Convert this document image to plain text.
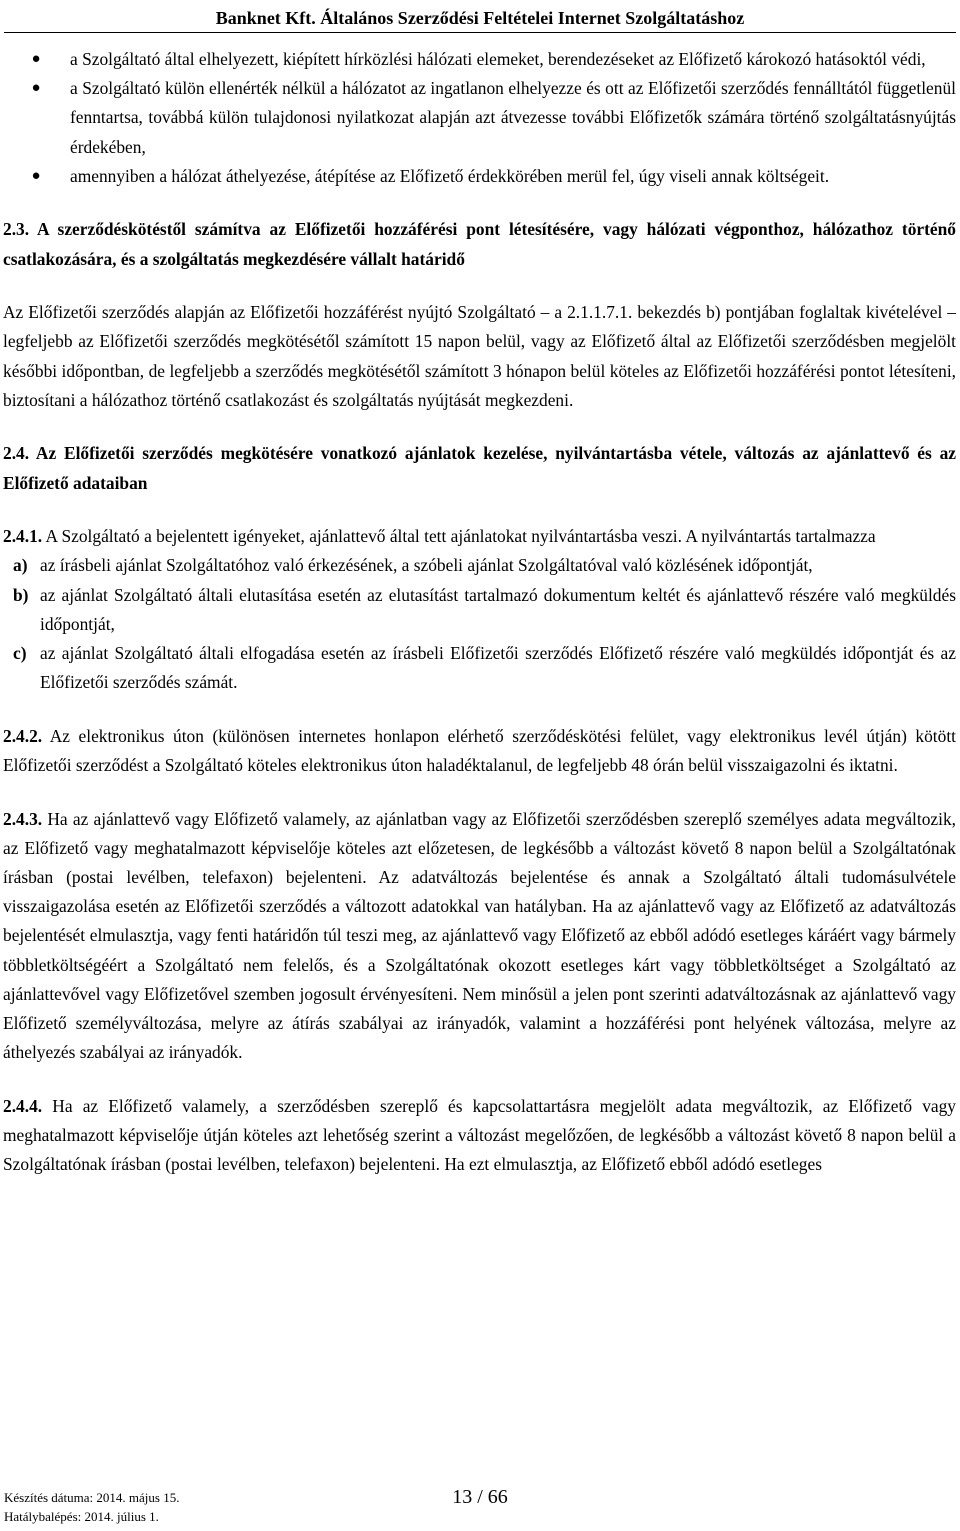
Banknet Kft. Általános Szerződési Feltételei Internet Szolgáltatáshoz
● a Szolgáltató által elhelyezett, kiépített hírközlési hálózati elemeket, berendezéseket az Előfizető károkozó hatásoktól védi,
● a Szolgáltató külön ellenérték nélkül a hálózatot az ingatlanon elhelyezze és ott az Előfizetői szerződés fennálltától függetlenül fenntartsa, továbbá külön tulajdonosi nyilatkozat alapján azt átvezesse további Előfizetők számára történő szolgáltatásnyújtás érdekében,
● amennyiben a hálózat áthelyezése, átépítése az Előfizető érdekkörében merül fel, úgy viseli annak költségeit.

2.3. A szerződéskötéstől számítva az Előfizetői hozzáférési pont létesítésére, vagy hálózati végponthoz, hálózathoz történő csatlakozására, és a szolgáltatás megkezdésére vállalt határidő

Az Előfizetői szerződés alapján az Előfizetői hozzáférést nyújtó Szolgáltató – a 2.1.1.7.1. bekezdés b) pontjában foglaltak kivételével – legfeljebb az Előfizetői szerződés megkötésétől számított 15 napon belül, vagy az Előfizető által az Előfizetői szerződésben megjelölt későbbi időpontban, de legfeljebb a szerződés megkötésétől számított 3 hónapon belül köteles az Előfizetői hozzáférési pontot létesíteni, biztosítani a hálózathoz történő csatlakozást és szolgáltatás nyújtását megkezdeni.

2.4. Az Előfizetői szerződés megkötésére vonatkozó ajánlatok kezelése, nyilvántartásba vétele, változás az ajánlattevő és az Előfizető adataiban

2.4.1. A Szolgáltató a bejelentett igényeket, ajánlattevő által tett ajánlatokat nyilvántartásba veszi. A nyilvántartás tartalmazza

a) az írásbeli ajánlat Szolgáltatóhoz való érkezésének, a szóbeli ajánlat Szolgáltatóval való közlésének időpontját,
b) az ajánlat Szolgáltató általi elutasítása esetén az elutasítást tartalmazó dokumentum keltét és ajánlattevő részére való megküldés időpontját,
c) az ajánlat Szolgáltató általi elfogadása esetén az írásbeli Előfizetői szerződés Előfizető részére való megküldés időpontját és az Előfizetői szerződés számát.

2.4.2. Az elektronikus úton (különösen internetes honlapon elérhető szerződéskötési felület, vagy elektronikus levél útján) kötött Előfizetői szerződést a Szolgáltató köteles elektronikus úton haladéktalanul, de legfeljebb 48 órán belül visszaigazolni és iktatni.

2.4.3. Ha az ajánlattevő vagy Előfizető valamely, az ajánlatban vagy az Előfizetői szerződésben szereplő személyes adata megváltozik, az Előfizető vagy meghatalmazott képviselője köteles azt előzetesen, de legkésőbb a változást követő 8 napon belül a Szolgáltatónak írásban (postai levélben, telefaxon) bejelenteni. Az adatváltozás bejelentése és annak a Szolgáltató általi tudomásulvétele visszaigazolása esetén az Előfizetői szerződés a változott adatokkal van hatályban. Ha az ajánlattevő vagy az Előfizető az adatváltozás bejelentését elmulasztja, vagy fenti határidőn túl teszi meg, az ajánlattevő vagy Előfizető az ebből adódó esetleges káráért vagy bármely többletköltségéért a Szolgáltató nem felelős, és a Szolgáltatónak okozott esetleges kárt vagy többletköltséget a Szolgáltató az ajánlattevővel vagy Előfizetővel szemben jogosult érvényesíteni. Nem minősül a jelen pont szerinti adatváltozásnak az ajánlattevő vagy Előfizető személyváltozása, melyre az átírás szabályai az irányadók, valamint a hozzáférési pont helyének változása, melyre az áthelyezés szabályai az irányadók.

2.4.4. Ha az Előfizető valamely, a szerződésben szereplő és kapcsolattartásra megjelölt adata megváltozik, az Előfizető vagy meghatalmazott képviselője útján köteles azt lehetőség szerint a változást megelőzően, de legkésőbb a változást követő 8 napon belül a Szolgáltatónak írásban (postai levélben, telefaxon) bejelenteni. Ha ezt elmulasztja, az Előfizető ebből adódó esetleges

Készítés dátuma: 2014. május 15.
Hatálybalépés: 2014. július 1.
13 / 66
